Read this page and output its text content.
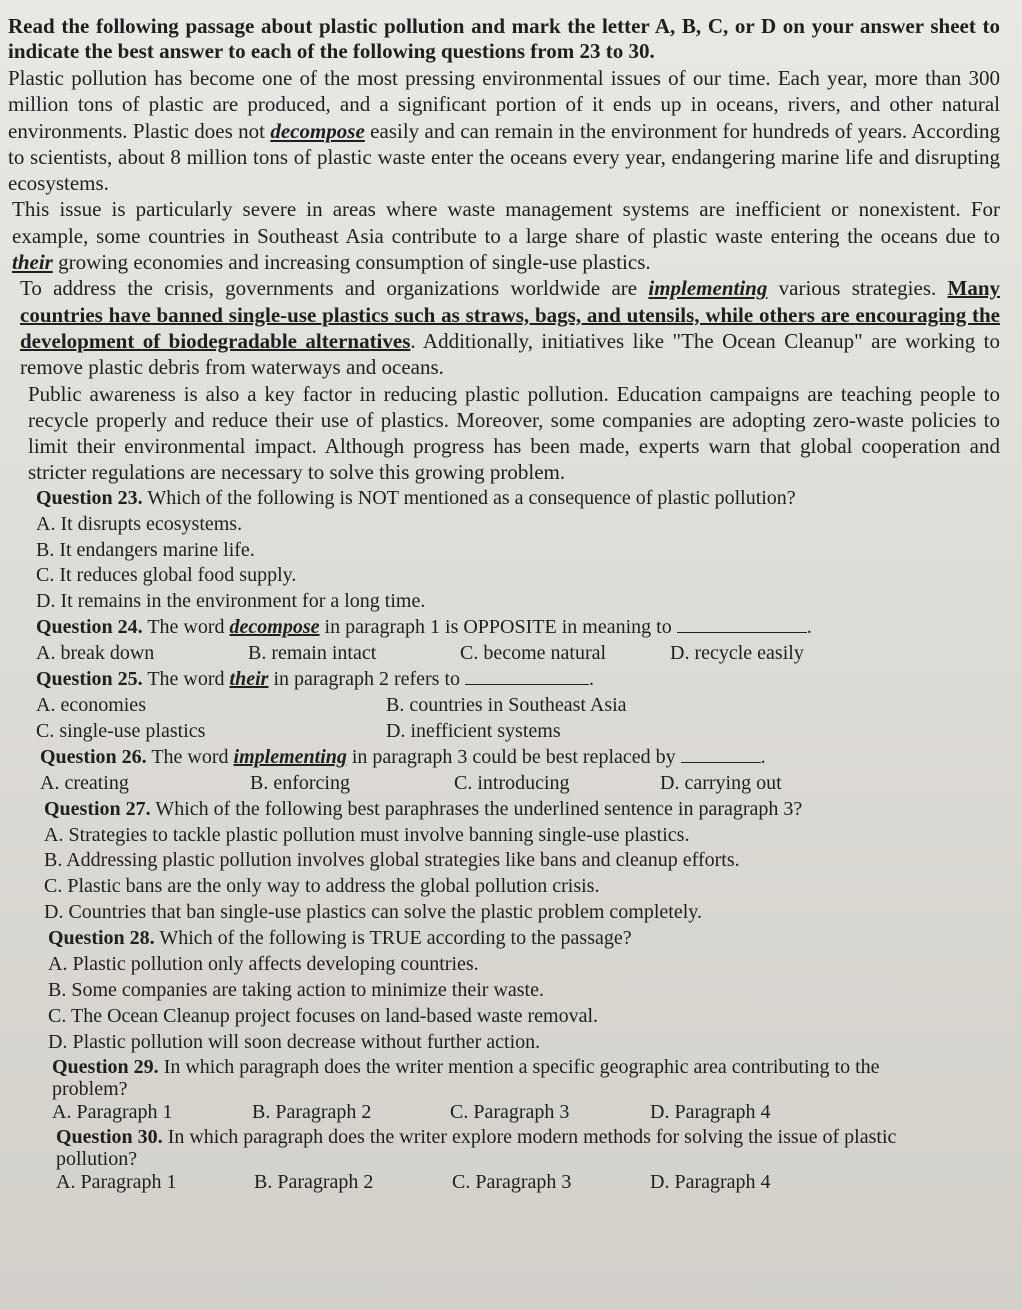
Read the following passage about plastic pollution and mark the letter A, B, C, or D on your answer sheet to indicate the best answer to each of the following questions from 23 to 30.

Plastic pollution has become one of the most pressing environmental issues of our time. Each year, more than 300 million tons of plastic are produced, and a significant portion of it ends up in oceans, rivers, and other natural environments. Plastic does not decompose easily and can remain in the environment for hundreds of years. According to scientists, about 8 million tons of plastic waste enter the oceans every year, endangering marine life and disrupting ecosystems.

This issue is particularly severe in areas where waste management systems are inefficient or nonexistent. For example, some countries in Southeast Asia contribute to a large share of plastic waste entering the oceans due to their growing economies and increasing consumption of single-use plastics.

To address the crisis, governments and organizations worldwide are implementing various strategies. Many countries have banned single-use plastics such as straws, bags, and utensils, while others are encouraging the development of biodegradable alternatives. Additionally, initiatives like "The Ocean Cleanup" are working to remove plastic debris from waterways and oceans.

Public awareness is also a key factor in reducing plastic pollution. Education campaigns are teaching people to recycle properly and reduce their use of plastics. Moreover, some companies are adopting zero-waste policies to limit their environmental impact. Although progress has been made, experts warn that global cooperation and stricter regulations are necessary to solve this growing problem.

Question 23. Which of the following is NOT mentioned as a consequence of plastic pollution?
A. It disrupts ecosystems.
B. It endangers marine life.
C. It reduces global food supply.
D. It remains in the environment for a long time.
Question 24. The word decompose in paragraph 1 is OPPOSITE in meaning to	.
A. break down	B. remain intact	C. become natural	D. recycle easily
Question 25. The word their in paragraph 2 refers to	.
A. economies	B. countries in Southeast Asia
C. single-use plastics	D. inefficient systems
Question 26. The word implementing in paragraph 3 could be best replaced by	.
A. creating	B. enforcing	C. introducing	D. carrying out
Question 27. Which of the following best paraphrases the underlined sentence in paragraph 3?
A. Strategies to tackle plastic pollution must involve banning single-use plastics.
B. Addressing plastic pollution involves global strategies like bans and cleanup efforts.
C. Plastic bans are the only way to address the global pollution crisis.
D. Countries that ban single-use plastics can solve the plastic problem completely.
Question 28. Which of the following is TRUE according to the passage?
A. Plastic pollution only affects developing countries.
B. Some companies are taking action to minimize their waste.
C. The Ocean Cleanup project focuses on land-based waste removal.
D. Plastic pollution will soon decrease without further action.
Question 29. In which paragraph does the writer mention a specific geographic area contributing to the problem?
A. Paragraph 1	B. Paragraph 2	C. Paragraph 3	D. Paragraph 4
Question 30. In which paragraph does the writer explore modern methods for solving the issue of plastic pollution?
A. Paragraph 1	B. Paragraph 2	C. Paragraph 3	D. Paragraph 4
